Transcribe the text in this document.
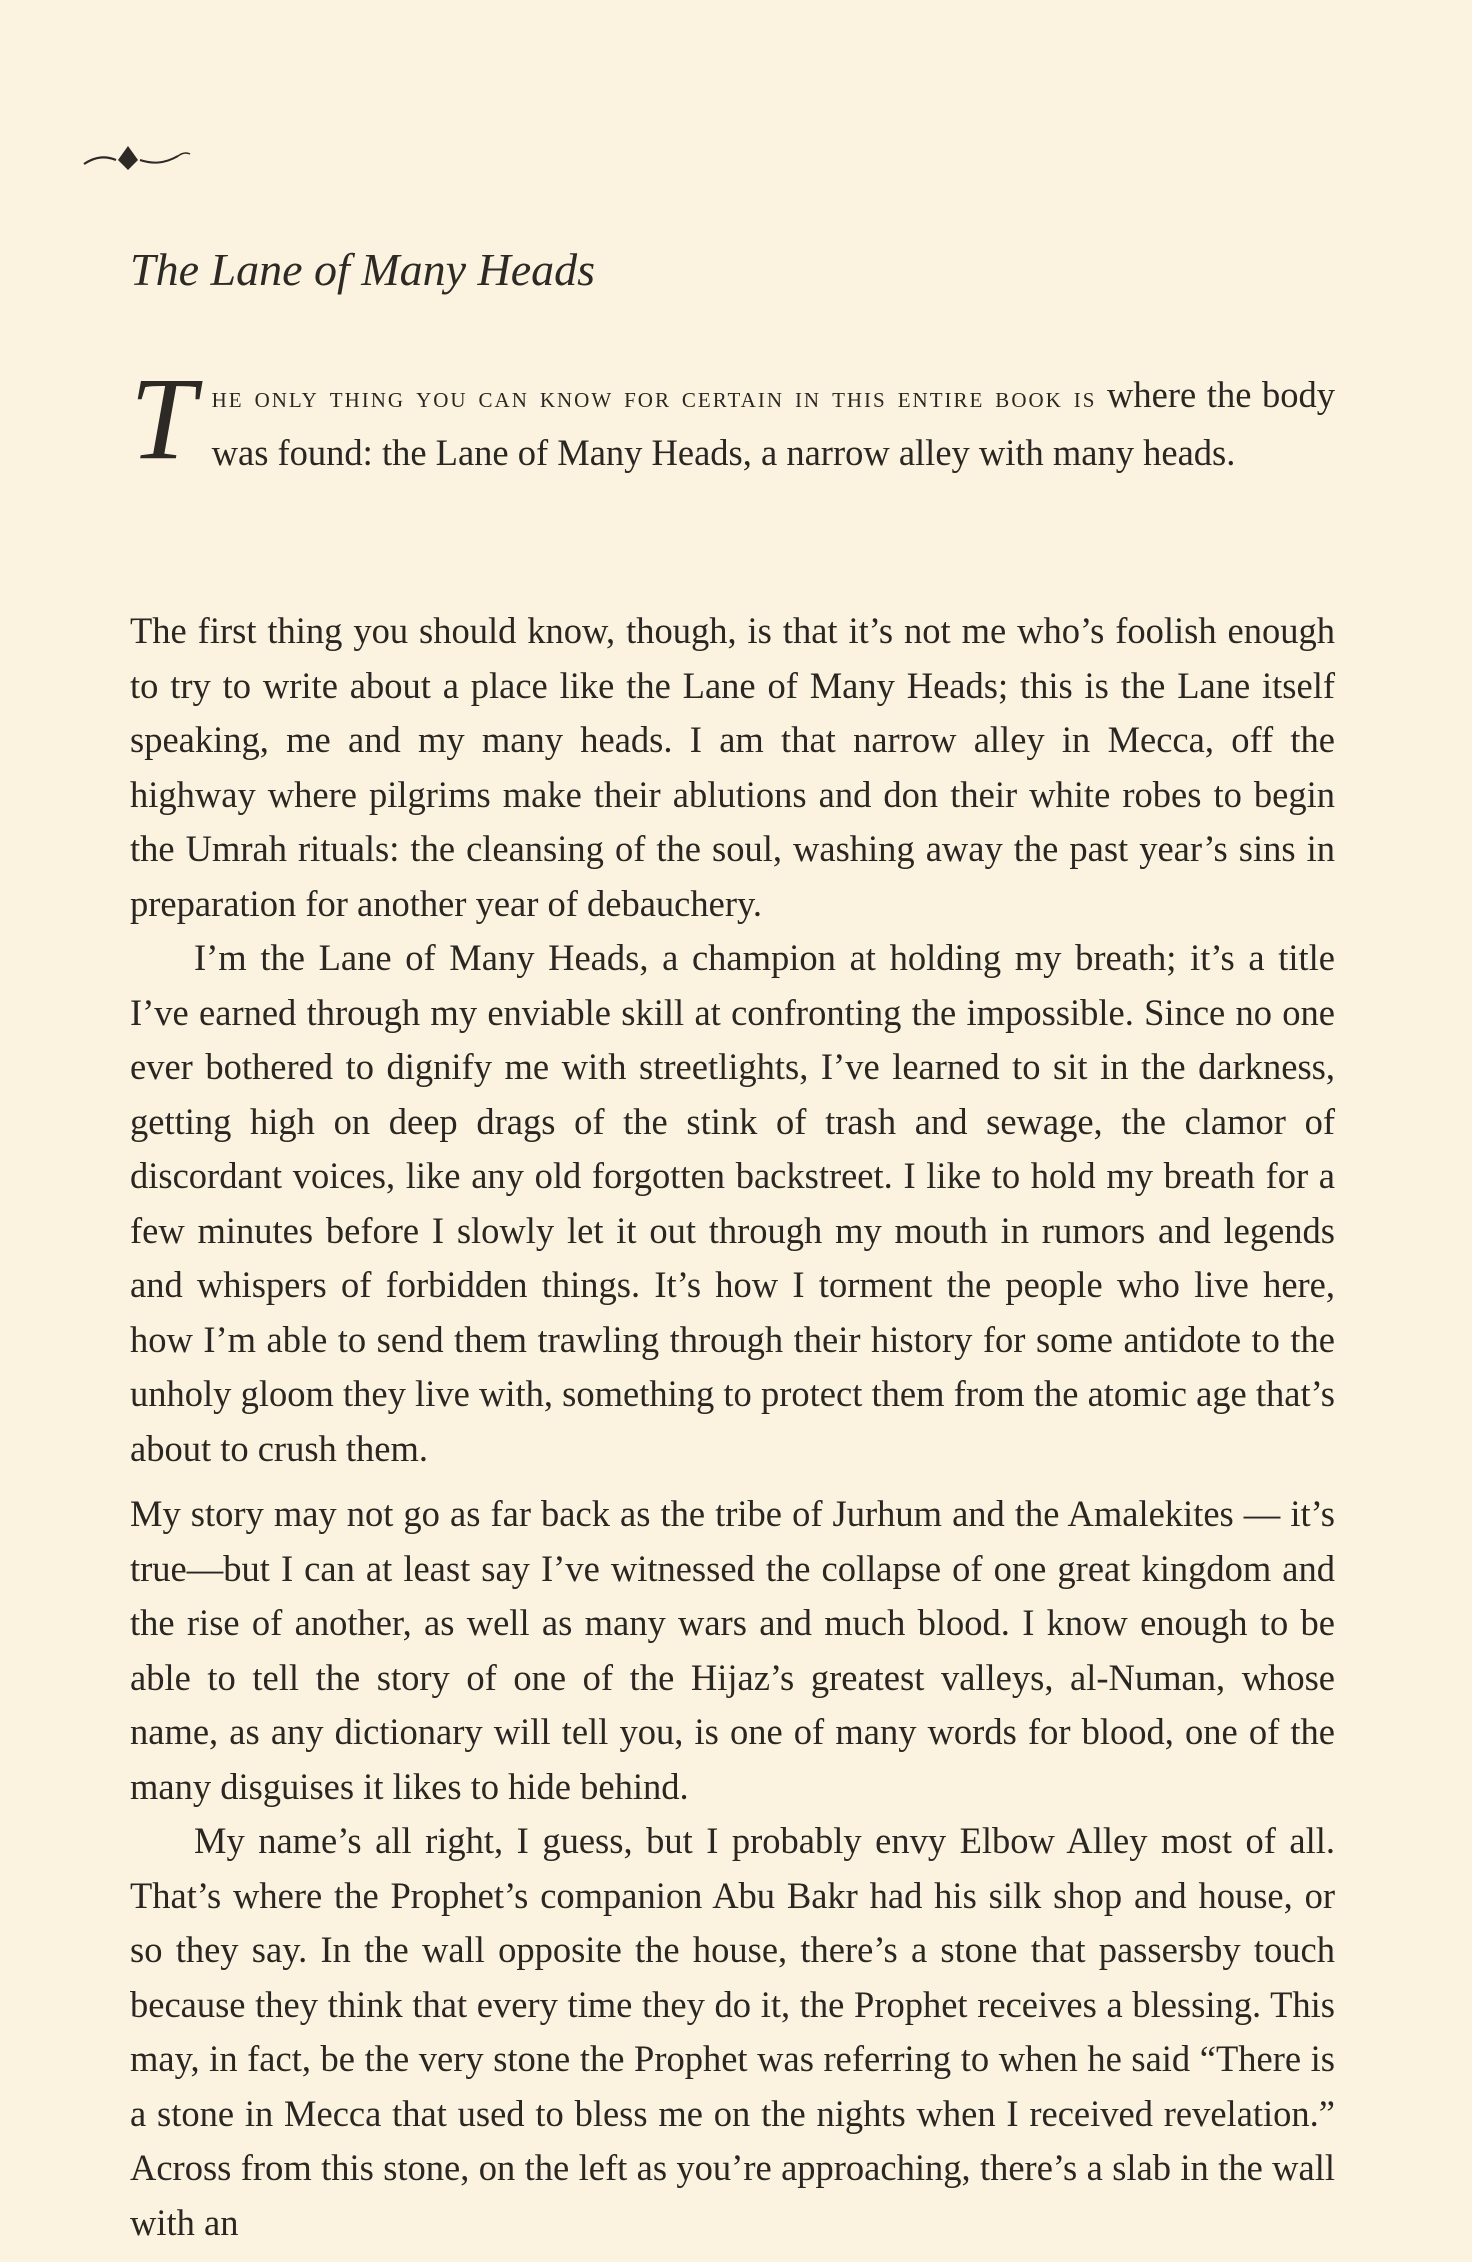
The Lane of Many Heads

The only thing you can know for certain in this entire book is where the body was found: the Lane of Many Heads, a narrow alley with many heads.

The first thing you should know, though, is that it’s not me who’s foolish enough to try to write about a place like the Lane of Many Heads; this is the Lane itself speaking, me and my many heads. I am that narrow alley in Mecca, off the highway where pilgrims make their ablutions and don their white robes to begin the Umrah rituals: the cleansing of the soul, washing away the past year’s sins in preparation for another year of debauchery.

I’m the Lane of Many Heads, a champion at holding my breath; it’s a title I’ve earned through my enviable skill at confronting the impossible. Since no one ever bothered to dignify me with streetlights, I’ve learned to sit in the darkness, getting high on deep drags of the stink of trash and sewage, the clamor of discordant voices, like any old forgotten backstreet. I like to hold my breath for a few minutes before I slowly let it out through my mouth in rumors and legends and whispers of forbidden things. It’s how I torment the people who live here, how I’m able to send them trawling through their history for some antidote to the unholy gloom they live with, something to protect them from the atomic age that’s about to crush them.

My story may not go as far back as the tribe of Jurhum and the Amalekites — it’s true—but I can at least say I’ve witnessed the collapse of one great kingdom and the rise of another, as well as many wars and much blood. I know enough to be able to tell the story of one of the Hijaz’s greatest valleys, al-Numan, whose name, as any dictionary will tell you, is one of many words for blood, one of the many disguises it likes to hide behind.

My name’s all right, I guess, but I probably envy Elbow Alley most of all. That’s where the Prophet’s companion Abu Bakr had his silk shop and house, or so they say. In the wall opposite the house, there’s a stone that passersby touch because they think that every time they do it, the Prophet receives a blessing. This may, in fact, be the very stone the Prophet was referring to when he said “There is a stone in Mecca that used to bless me on the nights when I received revelation.” Across from this stone, on the left as you’re approaching, there’s a slab in the wall with an
